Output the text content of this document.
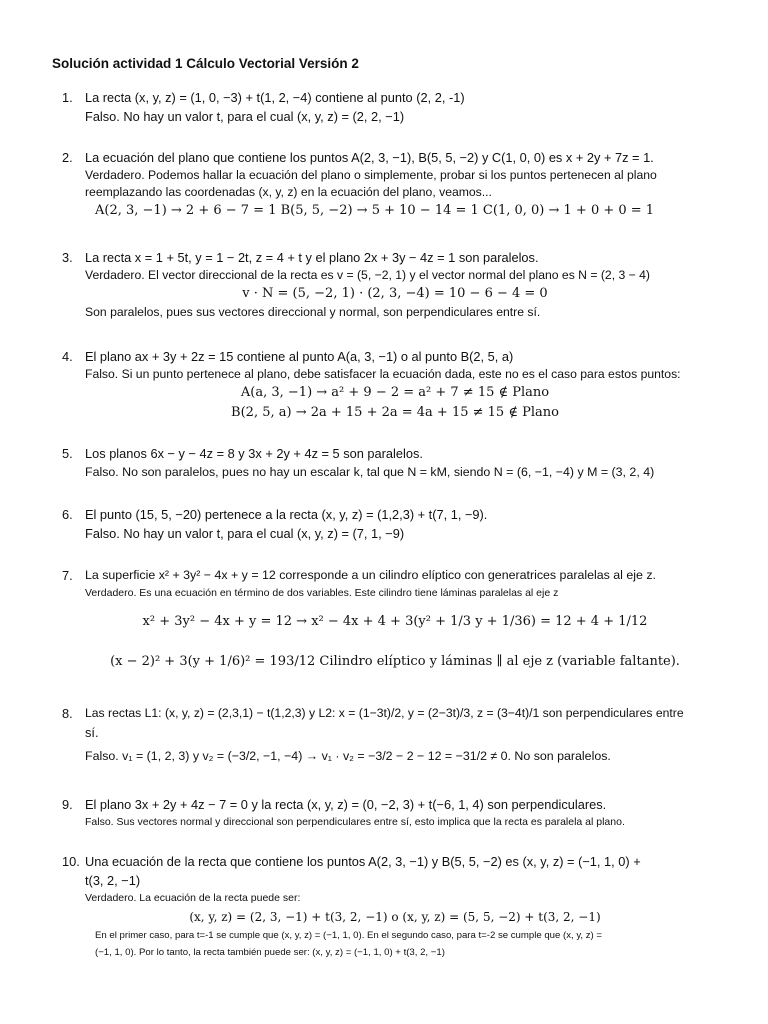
Solución actividad 1 Cálculo Vectorial Versión 2
1. La recta (x, y, z) = (1, 0, −3) + t(1, 2, −4) contiene al punto (2, 2, -1)
Falso. No hay un valor t, para el cual (x, y, z) = (2, 2, −1)
2. La ecuación del plano que contiene los puntos A(2, 3, −1), B(5, 5, −2) y C(1, 0, 0) es x + 2y + 7z = 1.
Verdadero. Podemos hallar la ecuación del plano o simplemente, probar si los puntos pertenecen al plano
reemplazando las coordenadas (x, y, z) en la ecuación del plano, veamos...
A(2, 3, −1) → 2 + 6 − 7 = 1 B(5, 5, −2) → 5 + 10 − 14 = 1 C(1, 0, 0) → 1 + 0 + 0 = 1
3. La recta x = 1 + 5t, y = 1 − 2t, z = 4 + t y el plano 2x + 3y − 4z = 1 son paralelos.
Verdadero. El vector direccional de la recta es v = (5, −2, 1) y el vector normal del plano es N = (2, 3 − 4)
v · N = (5, −2, 1) · (2, 3, −4) = 10 − 6 − 4 = 0
Son paralelos, pues sus vectores direccional y normal, son perpendiculares entre sí.
4. El plano ax + 3y + 2z = 15 contiene al punto A(a, 3, −1) o al punto B(2, 5, a)
Falso. Si un punto pertenece al plano, debe satisfacer la ecuación dada, este no es el caso para estos puntos:
A(a, 3, −1) → a² + 9 − 2 = a² + 7 ≠ 15 ∉ Plano
B(2, 5, a) → 2a + 15 + 2a = 4a + 15 ≠ 15 ∉ Plano
5. Los planos 6x − y − 4z = 8 y 3x + 2y + 4z = 5 son paralelos.
Falso. No son paralelos, pues no hay un escalar k, tal que N = kM, siendo N = (6, −1, −4) y M = (3, 2, 4)
6. El punto (15, 5, −20) pertenece a la recta (x, y, z) = (1,2,3) + t(7, 1, −9).
Falso. No hay un valor t, para el cual (x, y, z) = (7, 1, −9)
7. La superficie x² + 3y² − 4x + y = 12 corresponde a un cilindro elíptico con generatrices paralelas al eje z.
Verdadero. Es una ecuación en término de dos variables. Este cilindro tiene láminas paralelas al eje z
x² + 3y² − 4x + y = 12 → x² − 4x + 4 + 3(y² + 1/3 y + 1/36) = 12 + 4 + 1/12
(x − 2)² + 3(y + 1/6)² = 193/12 Cilindro elíptico y láminas ∥ al eje z (variable faltante).
8.	Las rectas L1: (x, y, z) = (2,3,1) − t(1,2,3) y L2: x = (1−3t)/2, y = (2−3t)/3, z = (3−4t)/1 son perpendiculares entre
sí.
Falso. v₁ = (1, 2, 3) y v₂ = (−3/2, −1, −4) → v₁ · v₂ = −3/2 − 2 − 12 = −31/2 ≠ 0. No son paralelos.
9. El plano 3x + 2y + 4z − 7 = 0 y la recta (x, y, z) = (0, −2, 3) + t(−6, 1, 4) son perpendiculares.
Falso. Sus vectores normal y direccional son perpendiculares entre sí, esto implica que la recta es paralela al plano.
10. Una ecuación de la recta que contiene los puntos A(2, 3, −1) y B(5, 5, −2) es (x, y, z) = (−1, 1, 0) +
t(3, 2, −1)
Verdadero. La ecuación de la recta puede ser:
(x, y, z) = (2, 3, −1) + t(3, 2, −1) o (x, y, z) = (5, 5, −2) + t(3, 2, −1)
En el primer caso, para t=-1 se cumple que (x, y, z) = (−1, 1, 0). En el segundo caso, para t=-2 se cumple que (x, y, z) =
(−1, 1, 0). Por lo tanto, la recta también puede ser: (x, y, z) = (−1, 1, 0) + t(3, 2, −1)
